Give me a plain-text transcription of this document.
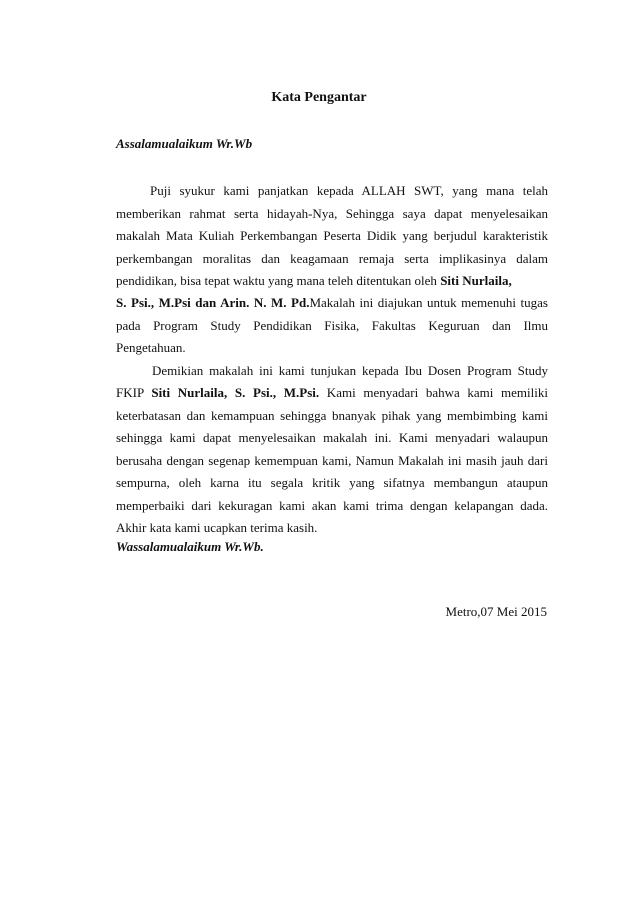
Kata Pengantar

Assalamualaikum Wr.Wb

Puji syukur kami panjatkan kepada ALLAH SWT, yang mana telah

memberikan rahmat serta hidayah-Nya, Sehingga saya dapat menyelesaikan

makalah Mata Kuliah Perkembangan Peserta Didik yang berjudul karakteristik

perkembangan moralitas dan keagamaan remaja serta implikasinya dalam

pendidikan, bisa tepat waktu yang mana teleh ditentukan oleh Siti Nurlaila,

S. Psi., M.Psi dan Arin. N. M. Pd.Makalah ini diajukan untuk memenuhi tugas

pada Program Study Pendidikan Fisika, Fakultas Keguruan dan Ilmu

Pengetahuan.

Demikian makalah ini kami tunjukan kepada Ibu Dosen Program Study

FKIP Siti Nurlaila, S. Psi., M.Psi. Kami menyadari bahwa kami memiliki

keterbatasan dan kemampuan sehingga bnanyak pihak yang membimbing kami

sehingga kami dapat menyelesaikan makalah ini. Kami menyadari walaupun

berusaha dengan segenap kemempuan kami, Namun Makalah ini masih jauh dari

sempurna, oleh karna itu segala kritik yang sifatnya membangun ataupun

memperbaiki dari kekuragan kami akan kami trima dengan kelapangan dada.

Akhir kata kami ucapkan terima kasih.

Wassalamualaikum Wr.Wb.

Metro,07 Mei 2015
